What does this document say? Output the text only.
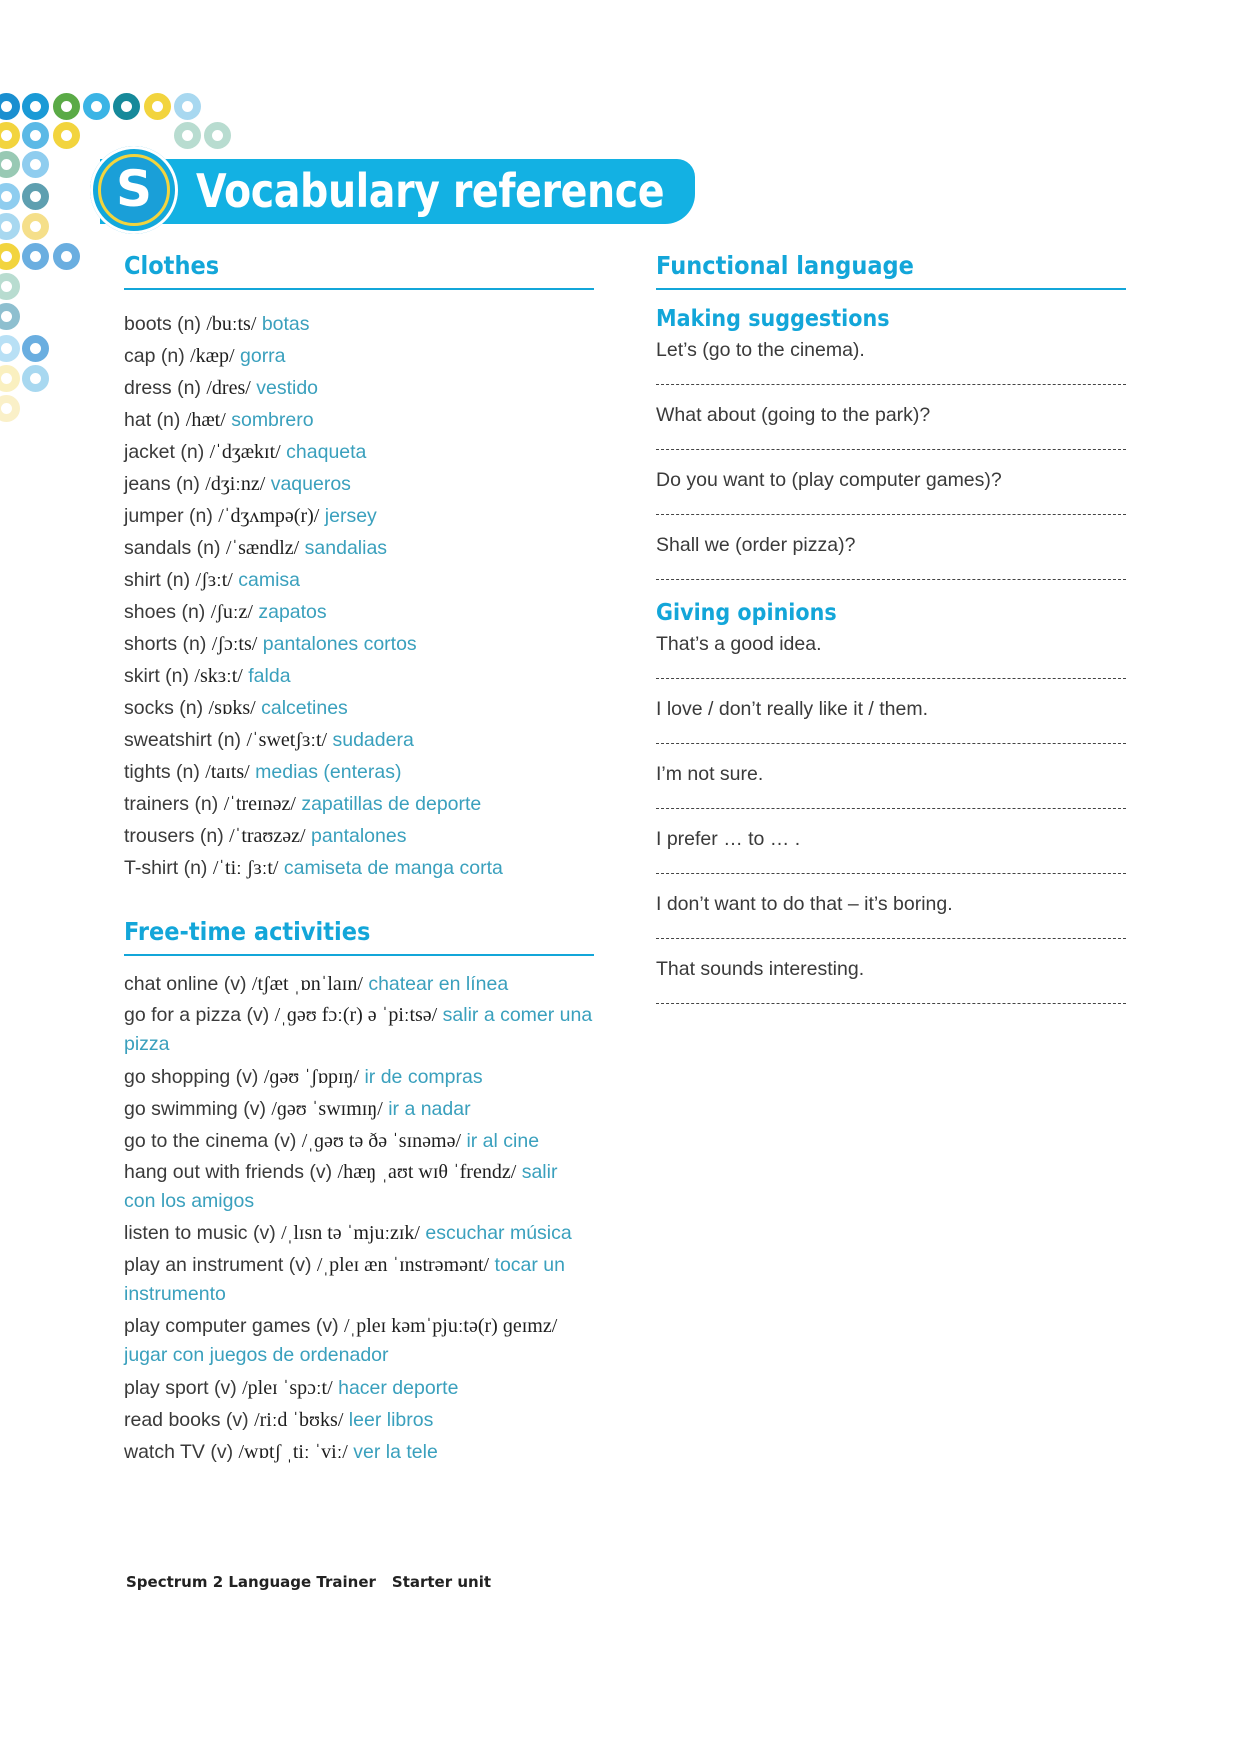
S Vocabulary reference
Clothes
boots (n) /buːts/ botas
cap (n) /kæp/ gorra
dress (n) /dres/ vestido
hat (n) /hæt/ sombrero
jacket (n) /ˈdʒækɪt/ chaqueta
jeans (n) /dʒiːnz/ vaqueros
jumper (n) /ˈdʒʌmpə(r)/ jersey
sandals (n) /ˈsændlz/ sandalias
shirt (n) /ʃɜːt/ camisa
shoes (n) /ʃuːz/ zapatos
shorts (n) /ʃɔːts/ pantalones cortos
skirt (n) /skɜːt/ falda
socks (n) /sɒks/ calcetines
sweatshirt (n) /ˈswetʃɜːt/ sudadera
tights (n) /taɪts/ medias (enteras)
trainers (n) /ˈtreɪnəz/ zapatillas de deporte
trousers (n) /ˈtraʊzəz/ pantalones
T-shirt (n) /ˈtiː ʃɜːt/ camiseta de manga corta
Free-time activities
chat online (v) /tʃæt ˌɒnˈlaɪn/ chatear en línea
go for a pizza (v) /ˌɡəʊ fɔː(r) ə ˈpiːtsə/ salir a comer una pizza
go shopping (v) /ɡəʊ ˈʃɒpɪŋ/ ir de compras
go swimming (v) /ɡəʊ ˈswɪmɪŋ/ ir a nadar
go to the cinema (v) /ˌɡəʊ tə ðə ˈsɪnəmə/ ir al cine
hang out with friends (v) /hæŋ ˌaʊt wɪθ ˈfrendz/ salir con los amigos
listen to music (v) /ˌlɪsn tə ˈmjuːzɪk/ escuchar música
play an instrument (v) /ˌpleɪ æn ˈɪnstrəmənt/ tocar un instrumento
play computer games (v) /ˌpleɪ kəmˈpjuːtə(r) ɡeɪmz/ jugar con juegos de ordenador
play sport (v) /pleɪ ˈspɔːt/ hacer deporte
read books (v) /riːd ˈbʊks/ leer libros
watch TV (v) /wɒtʃ ˌtiː ˈviː/ ver la tele
Functional language
Making suggestions
Let’s (go to the cinema).
What about (going to the park)?
Do you want to (play computer games)?
Shall we (order pizza)?
Giving opinions
That’s a good idea.
I love / don’t really like it / them.
I’m not sure.
I prefer … to … .
I don’t want to do that – it’s boring.
That sounds interesting.
Spectrum 2 Language Trainer Starter unit
